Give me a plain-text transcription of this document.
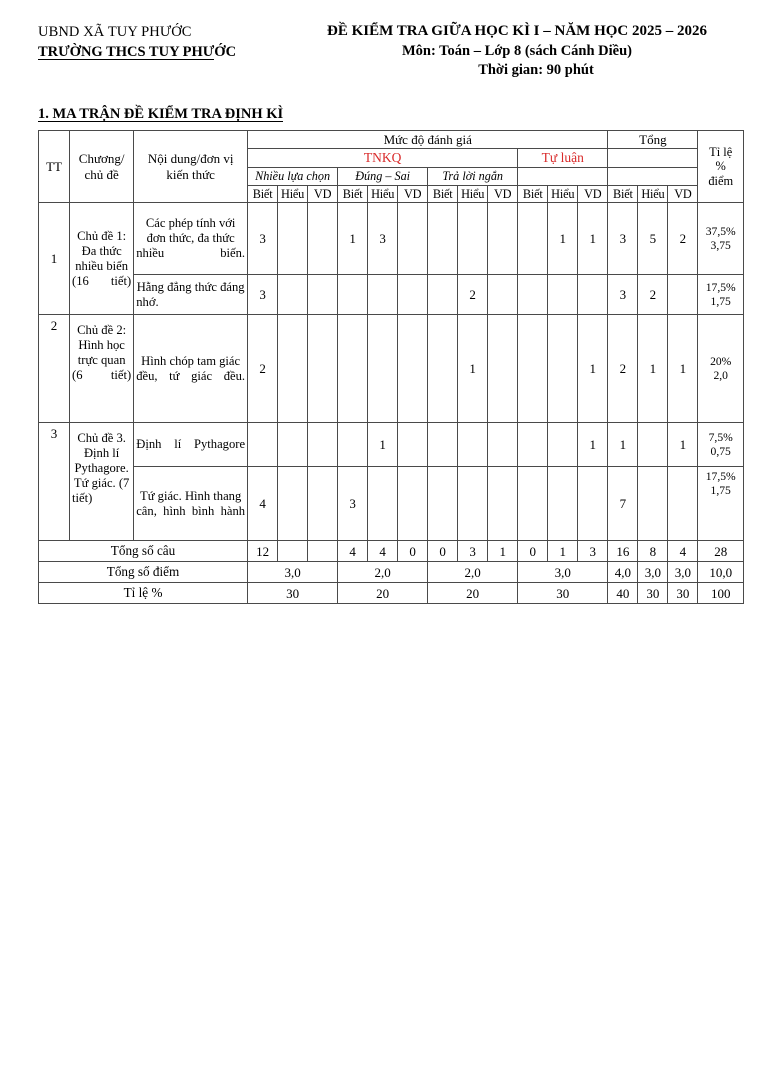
UBND XÃ TUY PHƯỚC
TRƯỜNG THCS TUY PHƯỚC
ĐỀ KIỂM TRA GIỮA HỌC KÌ I – NĂM HỌC 2025 – 2026
Môn: Toán – Lớp 8 (sách Cánh Diều)
Thời gian: 90 phút
1. MA TRẬN ĐỀ KIỂM TRA ĐỊNH KÌ
TT	
Chương/
chủ đề

Nội dung/đơn vị
kiến thức
	Mức độ đánh giá	Tổng	
Tỉ lệ
%
điểm

			TNKQ									Tự luận						
			Nhiều lựa chọn			Đúng – Sai			Trả lời ngắn									
			Biết	Hiểu	VD	Biết	Hiểu	VD	Biết	Hiểu	VD	Biết	Hiểu	VD	Biết	Hiểu	VD	
1	Chủ đề 1: Đa thức nhiều biến (16 tiết)	Các phép tính với đơn thức, đa thức nhiều biến.	3			1	3						1	1	3	5	2	37,5%
3,75

		Hằng đẳng thức đáng nhớ.	3							2					3	2		17,5%
1,75

2	Chủ đề 2: Hình học trực quan (6 tiết)	Hình chóp tam giác đều, tứ giác đều.	2							1				1	2	1	1	20%
2,0

3	Chủ đề 3. Định lí Pythagore. Tứ giác. (7 tiết)	Định lí Pythagore					1							1	1		1	7,5%
0,75

		Tứ giác. Hình thang cân, hình bình hành	4			3									7			17,5%
1,75

Tổng số câu			12			4	4	0	0	3	1	0	1	3	16	8	4	28
Tổng số điểm			3,0			2,0			2,0			3,0			4,0	3,0	3,0	10,0
Tỉ lệ %			30			20			20			30			40	30	30	100
